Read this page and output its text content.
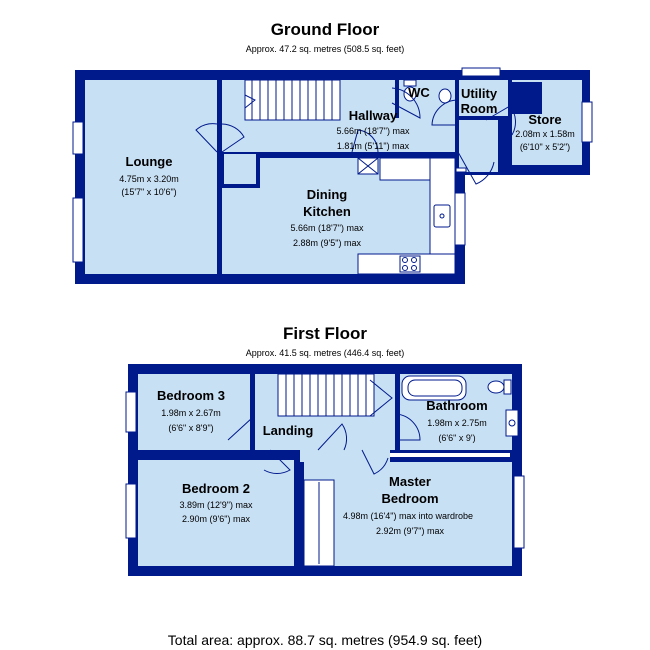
Ground Floor
Approx. 47.2 sq. metres (508.5 sq. feet)
First Floor
Approx. 41.5 sq. metres (446.4 sq. feet)
Total area: approx. 88.7 sq. metres (954.9 sq. feet)
Lounge
4.75m x 3.20m
(15'7" x 10'6")
Hallway
5.66m (18'7") max
1.81m (5'11") max
WC Utility
Room
Store
2.08m x 1.58m
(6'10" x 5'2")
Dining
Kitchen
5.66m (18'7") max
2.88m (9'5") max
Bedroom 3
1.98m x 2.67m
(6'6" x 8'9")	Landing
Bathroom
1.98m x 2.75m
(6'6" x 9')
Bedroom 2
3.89m (12'9") max
2.90m (9'6") max
Master
Bedroom
4.98m (16'4") max into wardrobe
2.92m (9'7") max
